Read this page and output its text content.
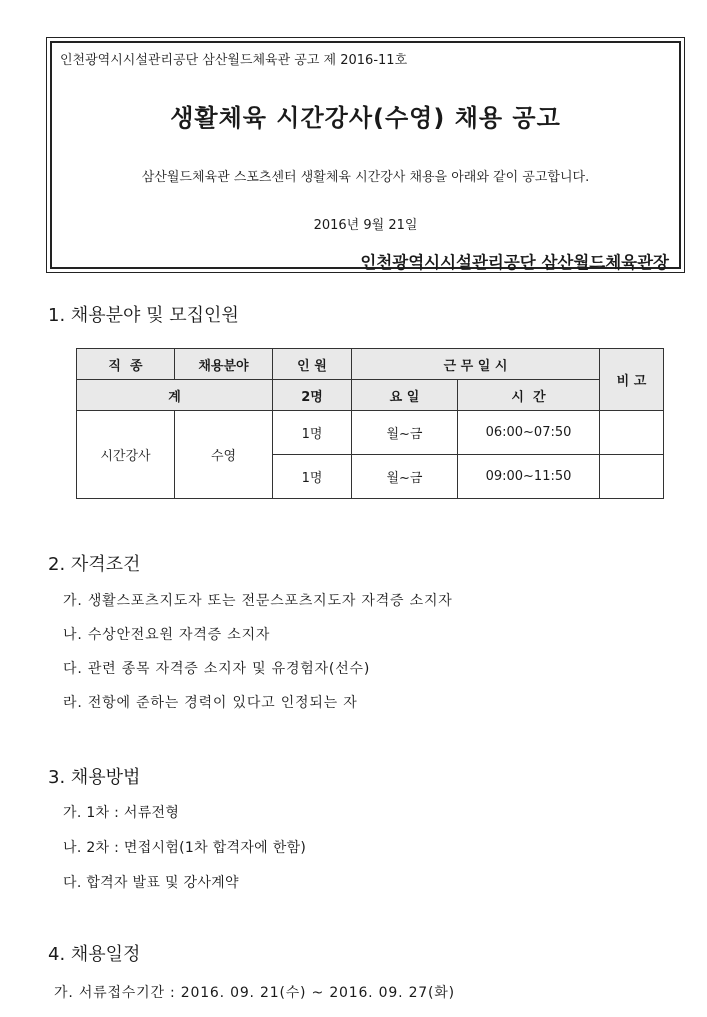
인천광역시시설관리공단 삼산월드체육관 공고 제 2016-11호
생활체육 시간강사(수영) 채용 공고
삼산월드체육관 스포츠센터 생활체육 시간강사 채용을 아래와 같이 공고합니다.
2016년 9월 21일
인천광역시시설관리공단 삼산월드체육관장
1. 채용분야 및 모집인원
직  종	채용분야	인 원	근 무 일 시		비 고
계		2명	요 일	시  간	
시간강사	수영	1명	월~금	06:00~07:50	
		1명	월~금	09:00~11:50	
2. 자격조건
가. 생활스포츠지도자 또는 전문스포츠지도자 자격증 소지자
나. 수상안전요원 자격증 소지자
다. 관련 종목 자격증 소지자 및 유경험자(선수)
라. 전항에 준하는 경력이 있다고 인정되는 자
3. 채용방법
가. 1차 : 서류전형
나. 2차 : 면접시험(1차 합격자에 한함)
다. 합격자 발표 및 강사계약
4. 채용일정
가. 서류접수기간 : 2016. 09. 21(수) ~ 2016. 09. 27(화)
